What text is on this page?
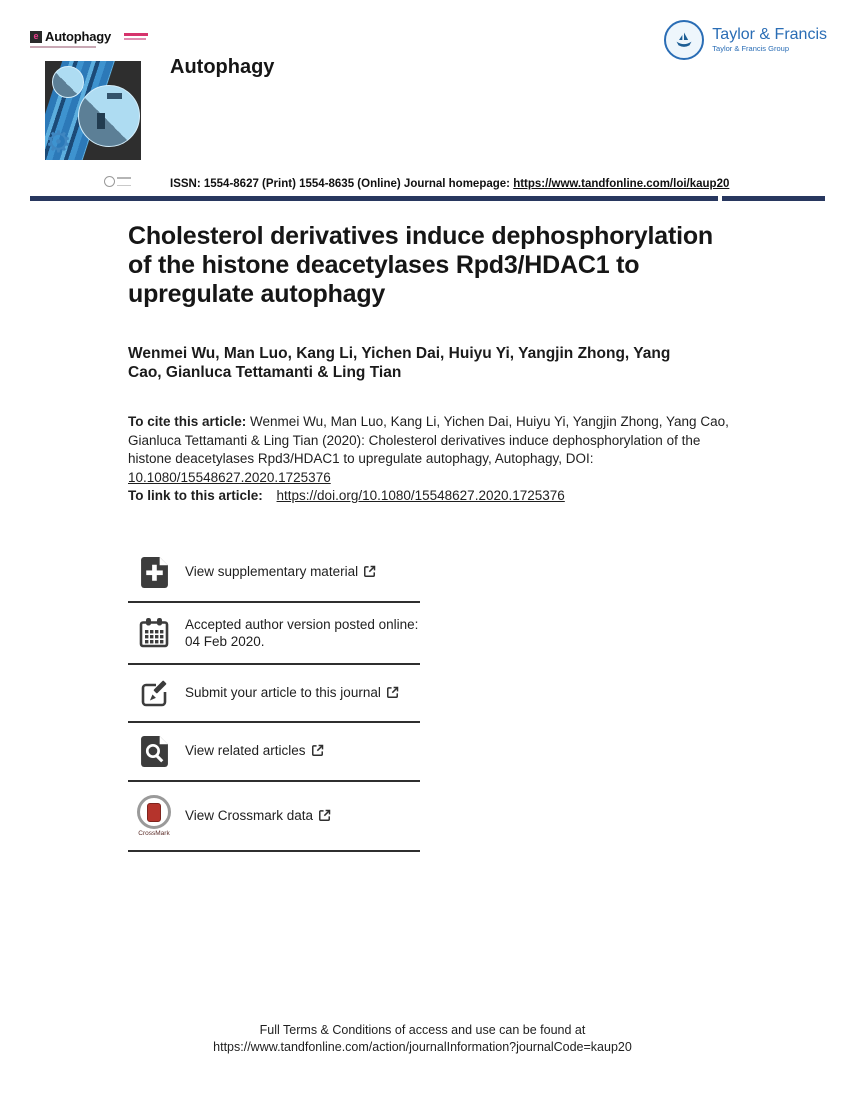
e Autophagy	Taylor & Francis
Taylor & Francis Group
⚙
Autophagy
ISSN: 1554-8627 (Print) 1554-8635 (Online) Journal homepage: https://www.tandfonline.com/loi/kaup20
Cholesterol derivatives induce dephosphorylation of the histone deacetylases Rpd3/HDAC1 to upregulate autophagy
Wenmei Wu, Man Luo, Kang Li, Yichen Dai, Huiyu Yi, Yangjin Zhong, Yang Cao, Gianluca Tettamanti & Ling Tian
To cite this article: Wenmei Wu, Man Luo, Kang Li, Yichen Dai, Huiyu Yi, Yangjin Zhong, Yang Cao, Gianluca Tettamanti & Ling Tian (2020): Cholesterol derivatives induce dephosphorylation of the histone deacetylases Rpd3/HDAC1 to upregulate autophagy, Autophagy, DOI:
10.1080/15548627.2020.1725376
To link to this article: https://doi.org/10.1080/15548627.2020.1725376
View supplementary material
Accepted author version posted online: 04 Feb 2020.
Submit your article to this journal
View related articles
CrossMark
View Crossmark data
Full Terms & Conditions of access and use can be found at
https://www.tandfonline.com/action/journalInformation?journalCode=kaup20
